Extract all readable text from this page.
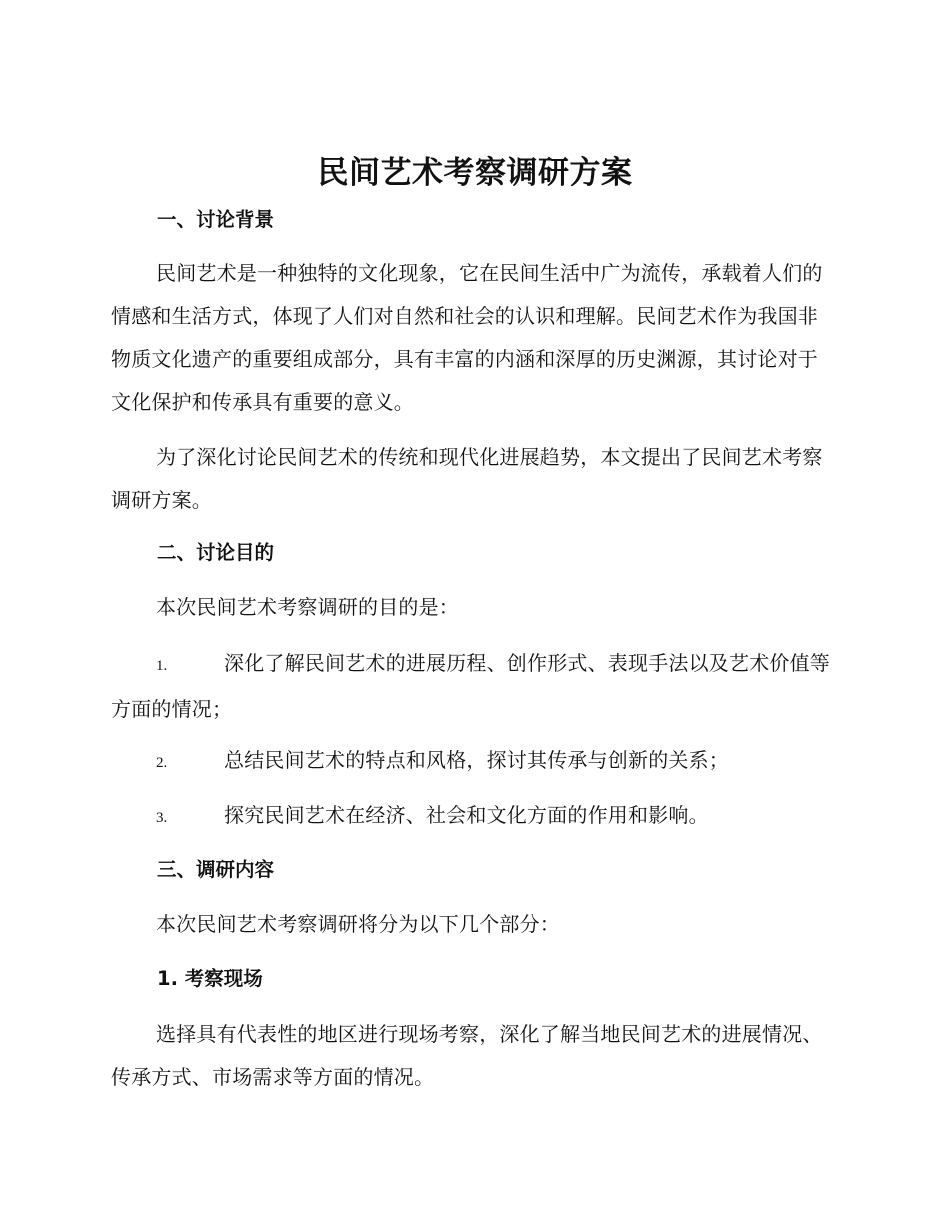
民间艺术考察调研方案
一、讨论背景
民间艺术是一种独特的文化现象，它在民间生活中广为流传，承载着人们的情感和生活方式，体现了人们对自然和社会的认识和理解。民间艺术作为我国非物质文化遗产的重要组成部分，具有丰富的内涵和深厚的历史渊源，其讨论对于文化保护和传承具有重要的意义。
为了深化讨论民间艺术的传统和现代化进展趋势，本文提出了民间艺术考察调研方案。
二、讨论目的
本次民间艺术考察调研的目的是：
1.	深化了解民间艺术的进展历程、创作形式、表现手法以及艺术价值等方面的情况；
2.	总结民间艺术的特点和风格，探讨其传承与创新的关系；
3.	探究民间艺术在经济、社会和文化方面的作用和影响。
三、调研内容
本次民间艺术考察调研将分为以下几个部分：
1. 考察现场
选择具有代表性的地区进行现场考察，深化了解当地民间艺术的进展情况、传承方式、市场需求等方面的情况。
